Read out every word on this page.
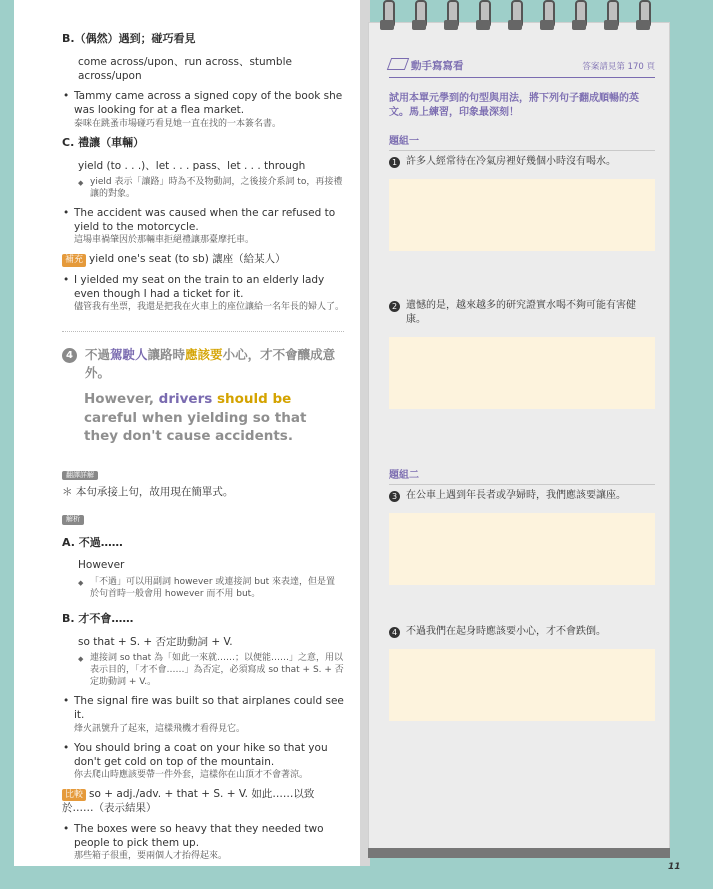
B.（偶然）遇到；碰巧看見
come across/upon、run across、stumble across/upon
• Tammy came across a signed copy of the book she was looking for at a flea market.
泰咪在跳蚤市場碰巧看見她一直在找的一本簽名書。
C. 禮讓（車輛）
yield (to . . .)、let . . . pass、let . . . through
◆ yield 表示「讓路」時為不及物動詞，之後接介系詞 to，再接禮讓的對象。
• The accident was caused when the car refused to yield to the motorcycle.
這場車禍肇因於那輛車拒絕禮讓那臺摩托車。
補充 yield one's seat (to sb) 讓座（給某人）
• I yielded my seat on the train to an elderly lady even though I had a ticket for it.
儘管我有坐票，我還是把我在火車上的座位讓給一名年長的婦人了。
4 不過駕駛人讓路時應該要小心，才不會釀成意外。
However, drivers should be careful when yielding so that they don't cause accidents.
翻譯詳解
＊ 本句承接上句，故用現在簡單式。
解析
A. 不過……
However
◆ 「不過」可以用副詞 however 或連接詞 but 來表達，但是置於句首時一般會用 however 而不用 but。
B. 才不會……
so that + S. + 否定助動詞 + V.
◆ 連接詞 so that 為「如此一來就……；以便能……」之意，用以表示目的，「才不會……」為否定，必須寫成 so that + S. + 否定助動詞 + V.。
• The signal fire was built so that airplanes could see it.
烽火訊號升了起來，這樣飛機才看得見它。
• You should bring a coat on your hike so that you don't get cold on top of the mountain.
你去爬山時應該要帶一件外套，這樣你在山頂才不會著涼。
比較 so + adj./adv. + that + S. + V. 如此……以致於……（表示結果）
• The boxes were so heavy that they needed two people to pick them up.
那些箱子很重，要兩個人才抬得起來。
動手寫寫看	答案請見第 170 頁
試用本單元學到的句型與用法，將下列句子翻成順暢的英文。馬上練習，印象最深刻！
題組一
1 許多人經常待在冷氣房裡好幾個小時沒有喝水。
2 遺憾的是，越來越多的研究證實水喝不夠可能有害健康。
題組二
3 在公車上遇到年長者或孕婦時，我們應該要讓座。
4 不過我們在起身時應該要小心，才不會跌倒。
11
